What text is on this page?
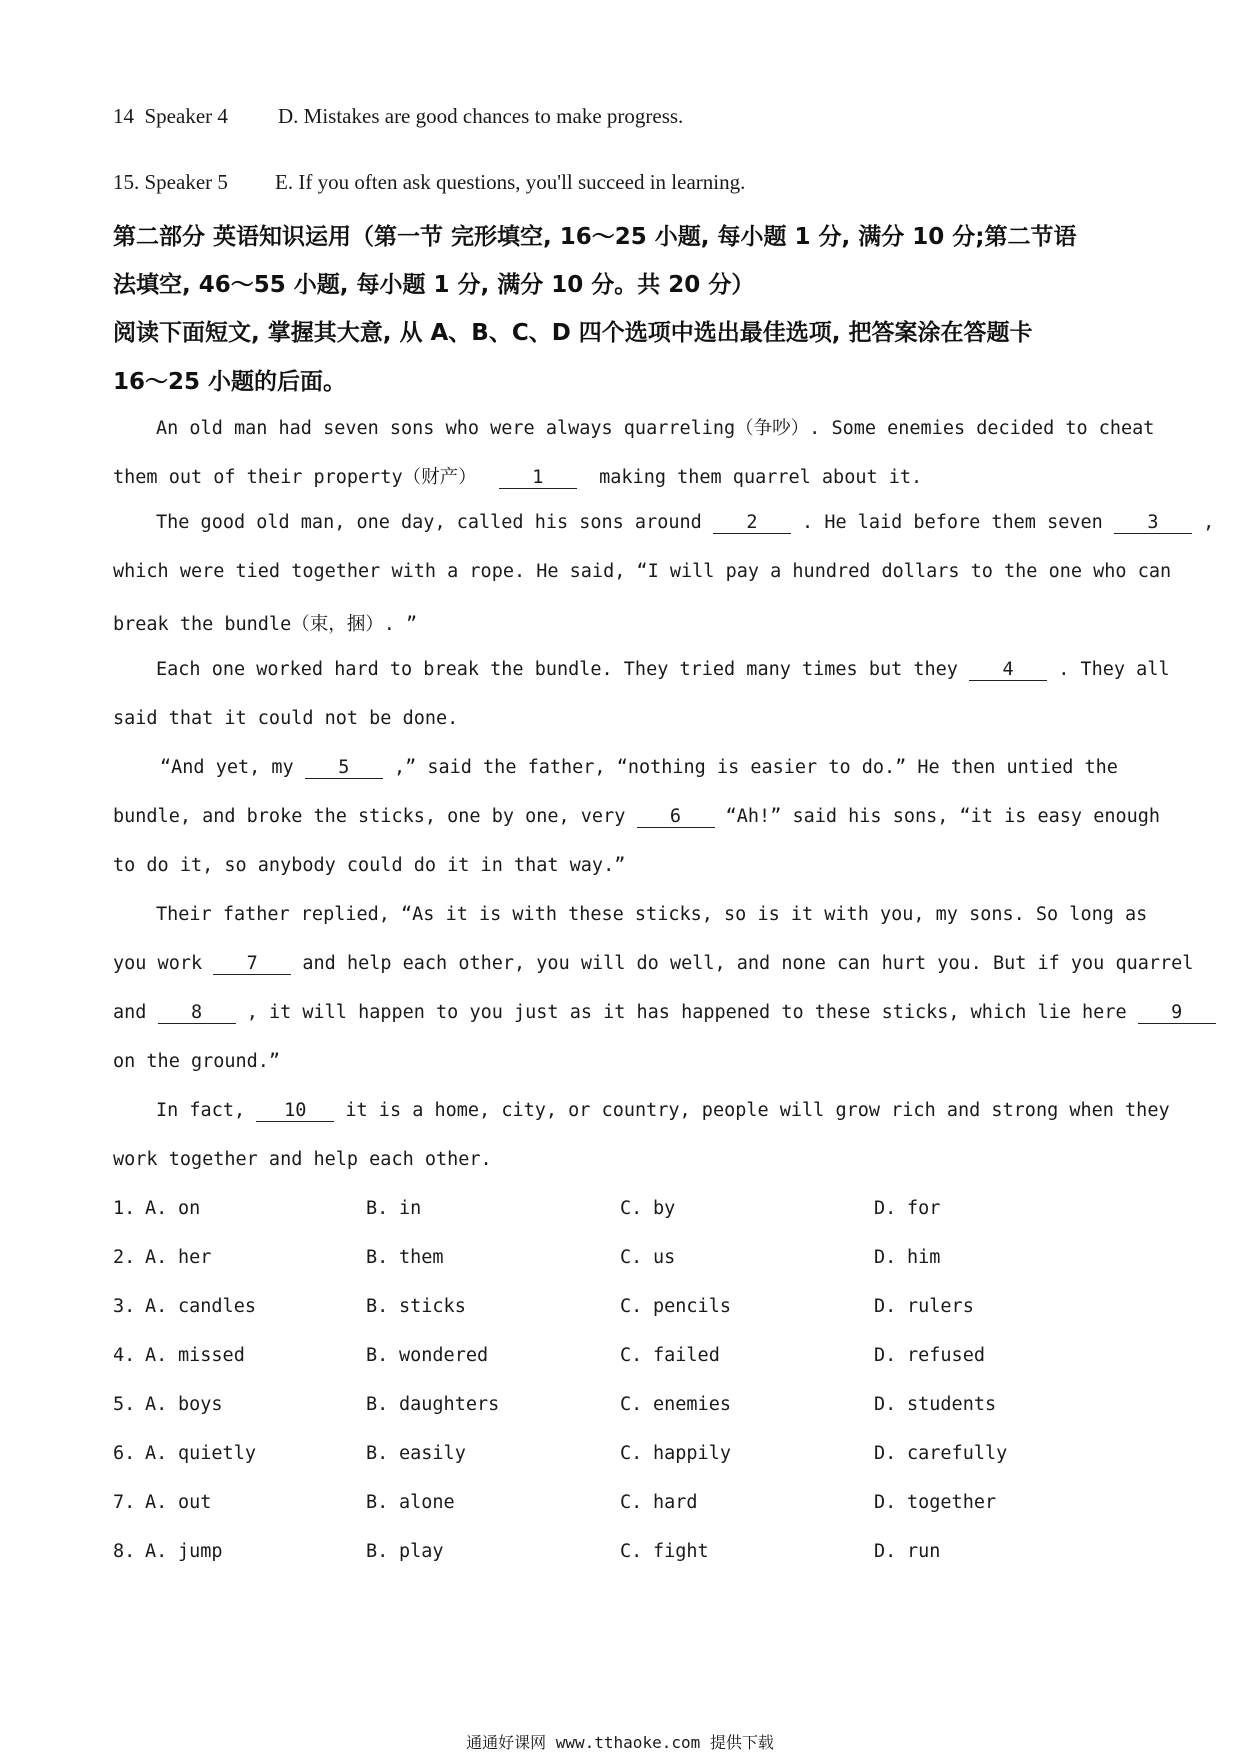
14 Speaker 4 D. Mistakes are good chances to make progress.
15. Speaker 5 E. If you often ask questions, you'll succeed in learning.
第二部分 英语知识运用（第一节 完形填空, 16～25 小题, 每小题 1 分, 满分 10 分;第二节语
法填空, 46～55 小题, 每小题 1 分, 满分 10 分。共 20 分）
阅读下面短文, 掌握其大意, 从 A、B、C、D 四个选项中选出最佳选项, 把答案涂在答题卡
16～25 小题的后面。
An old man had seven sons who were always quarreling（争吵）. Some enemies decided to cheat
them out of their property（财产）	1	making them quarrel about it.
The good old man, one day, called his sons around 2 . He laid before them seven 3 ,
which were tied together with a rope. He said, “I will pay a hundred dollars to the one who can
break the bundle（束，捆）. ”
Each one worked hard to break the bundle. They tried many times but they 4 . They all
said that it could not be done.
“And yet, my 5 ,” said the father, “nothing is easier to do.” He then untied the
bundle, and broke the sticks, one by one, very 6 “Ah!” said his sons, “it is easy enough
to do it, so anybody could do it in that way.”
Their father replied, “As it is with these sticks, so is it with you, my sons. So long as
you work 7 and help each other, you will do well, and none can hurt you. But if you quarrel
and 8 , it will happen to you just as it has happened to these sticks, which lie here 9
on the ground.”
In fact, 10 it is a home, city, or country, people will grow rich and strong when they
work together and help each other.
1. A. on	B. in	C. by	D. for
2. A. her	B. them	C. us	D. him
3. A. candles	B. sticks	C. pencils	D. rulers
4. A. missed	B. wondered	C. failed	D. refused
5. A. boys	B. daughters	C. enemies	D. students
6. A. quietly	B. easily	C. happily	D. carefully
7. A. out	B. alone	C. hard	D. together
8. A. jump	B. play	C. fight	D. run
通通好课网 www.tthaoke.com 提供下载
